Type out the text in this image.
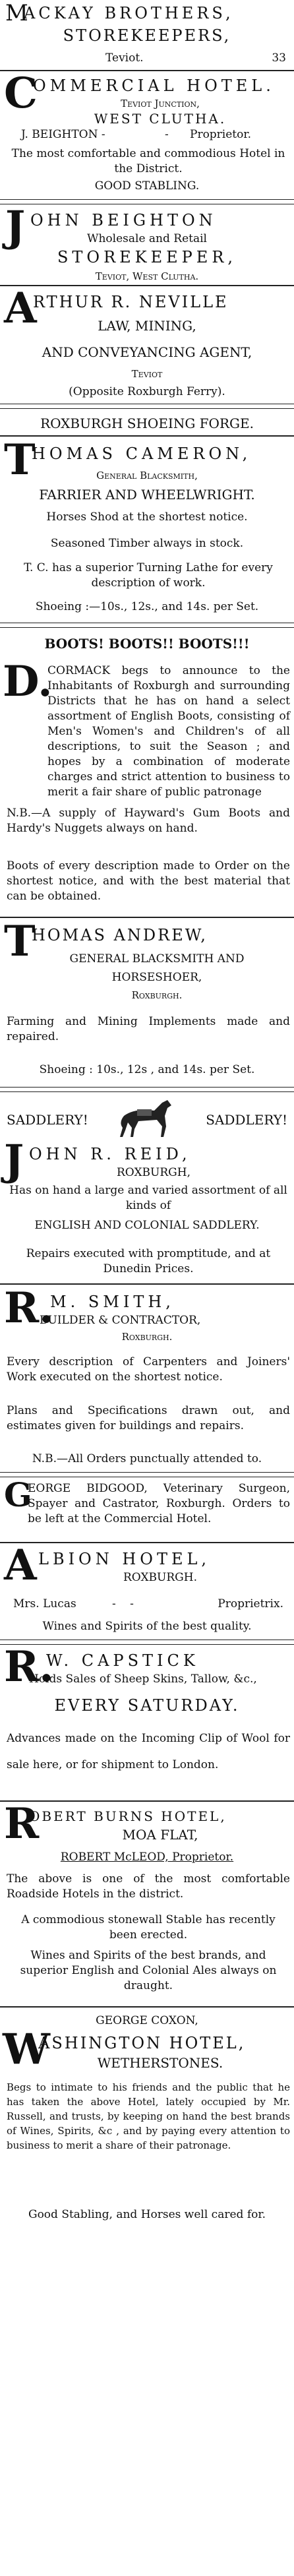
M
ACKAY BROTHERS,
STOREKEEPERS,
Teviot.	33
C
OMMERCIAL HOTEL.
Teviot Junction,
WEST CLUTHA.
J. BEIGHTON -	- Proprietor.
The most comfortable and commodious Hotel in the District.
GOOD STABLING.
J OHN BEIGHTON
Wholesale and Retail
STOREKEEPER,
Teviot, West Clutha.
A
RTHUR R. NEVILLE
LAW, MINING,
AND CONVEYANCING AGENT,
Teviot
(Opposite Roxburgh Ferry).
ROXBURGH SHOEING FORGE.
T
HOMAS CAMERON,
General Blacksmith,
FARRIER AND WHEELWRIGHT.
Horses Shod at the shortest notice.
Seasoned Timber always in stock.
T. C. has a superior Turning Lathe for every description of work.
Shoeing :—10s., 12s., and 14s. per Set.
BOOTS! BOOTS!! BOOTS!!!
D.
CORMACK begs to announce to the Inhabitants of Roxburgh and surrounding Districts that he has on hand a select assortment of English Boots, consisting of Men's Women's and Children's of all descriptions, to suit the Season ; and hopes by a combination of moderate charges and strict attention to business to merit a fair share of public patronage
N.B.—A supply of Hayward's Gum Boots and Hardy's Nuggets always on hand.
Boots of every description made to Order on the shortest notice, and with the best material that can be obtained.
T
HOMAS ANDREW,
GENERAL BLACKSMITH AND
HORSESHOER,
Roxburgh.
Farming and Mining Implements made and repaired.
Shoeing : 10s., 12s , and 14s. per Set.
SADDLERY!	SADDLERY!
J OHN R. REID,
ROXBURGH,
Has on hand a large and varied assortment of all kinds of
ENGLISH AND COLONIAL SADDLERY.
Repairs executed with promptitude, and at Dunedin Prices.
R.
M. SMITH,
BUILDER & CONTRACTOR,
Roxburgh.
Every description of Carpenters and Joiners' Work executed on the shortest notice.
Plans and Specifications drawn out, and estimates given for buildings and repairs.
N.B.—All Orders punctually attended to.
G
EORGE BIDGOOD, Veterinary Surgeon, Spayer and Castrator, Roxburgh. Orders to be left at the Commercial Hotel.
A LBION HOTEL,
ROXBURGH.
Mrs. Lucas	- -	Proprietrix.
Wines and Spirits of the best quality.
R.
W. CAPSTICK
Holds Sales of Sheep Skins, Tallow, &c.,
EVERY SATURDAY.
Advances made on the Incoming Clip of Wool for sale here, or for shipment to London.
R
OBERT BURNS HOTEL,
MOA FLAT,
ROBERT McLEOD, Proprietor.
The above is one of the most comfortable Roadside Hotels in the district.
A commodious stonewall Stable has recently been erected.
Wines and Spirits of the best brands, and superior English and Colonial Ales always on draught.
GEORGE COXON,
W
ASHINGTON HOTEL,
WETHERSTONES.
Begs to intimate to his friends and the public that he has taken the above Hotel, lately occupied by Mr. Russell, and trusts, by keeping on hand the best brands of Wines, Spirits, &c , and by paying every attention to business to merit a share of their patronage.
Good Stabling, and Horses well cared for.
